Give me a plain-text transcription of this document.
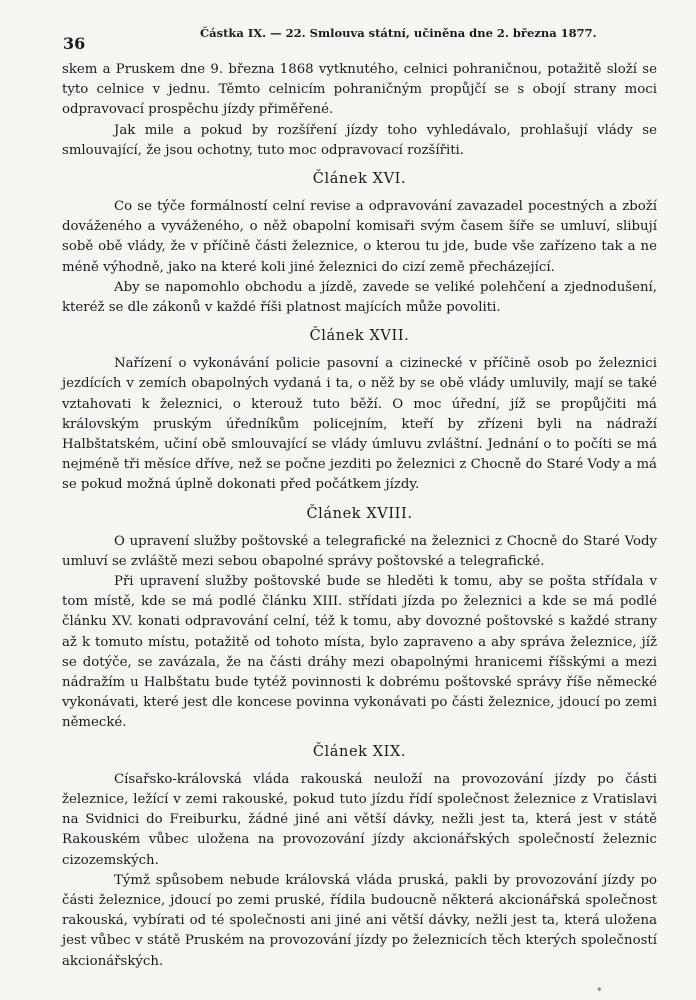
36
Částka IX. — 22. Smlouva státní, učiněna dne 2. března 1877.

skem a Pruskem dne 9. března 1868 vytknutého, celnici pohraničnou, potažitě složí se tyto celnice v jednu. Těmto celnicím pohraničným propůjčí se s obojí strany moci odpravovací prospěchu jízdy přiměřené.

Jak mile a pokud by rozšíření jízdy toho vyhledávalo, prohlašují vlády se smlouvající, že jsou ochotny, tuto moc odpravovací rozšířiti.

Článek XVI.

Co se týče formálností celní revise a odpravování zavazadel pocestných a zboží dováženého a vyváženého, o něž obapolní komisaři svým časem šíře se umluví, slibují sobě obě vlády, že v příčině části železnice, o kterou tu jde, bude vše zařízeno tak a ne méně výhodně, jako na které koli jiné železnici do cizí země přecházející.

Aby se napomohlo obchodu a jízdě, zavede se veliké polehčení a zjednodušení, kteréž se dle zákonů v každé říši platnost majících může povoliti.

Článek XVII.

Nařízení o vykonávání policie pasovní a cizinecké v příčině osob po železnici jezdících v zemích obapolných vydaná i ta, o něž by se obě vlády umluvily, mají se také vztahovati k železnici, o kterouž tuto běží. O moc úřední, jíž se propůjčiti má královským pruským úředníkům policejním, kteří by zřízeni byli na nádraží Halbštatském, učiní obě smlouvající se vlády úmluvu zvláštní. Jednání o to počíti se má nejméně tři měsíce dříve, než se počne jezditi po železnici z Chocně do Staré Vody a má se pokud možná úplně dokonati před počátkem jízdy.

Článek XVIII.

O upravení služby poštovské a telegrafické na železnici z Chocně do Staré Vody umluví se zvláště mezi sebou obapolné správy poštovské a telegrafické.

Při upravení služby poštovské bude se hleděti k tomu, aby se pošta střídala v tom místě, kde se má podlé článku XIII. střídati jízda po železnici a kde se má podlé článku XV. konati odpravování celní, též k tomu, aby dovozné poštovské s každé strany až k tomuto místu, potažitě od tohoto místa, bylo zapraveno a aby správa železnice, jíž se dotýče, se zavázala, že na části dráhy mezi obapolnými hranicemi říšskými a mezi nádražím u Halbštatu bude tytéž povinnosti k dobrému poštovské správy říše německé vykonávati, které jest dle koncese povinna vykonávati po části železnice, jdoucí po zemi německé.

Článek XIX.

Císařsko-královská vláda rakouská neuloží na provozování jízdy po části železnice, ležící v zemi rakouské, pokud tuto jízdu řídí společnost železnice z Vratislavi na Svidnici do Freiburku, žádné jiné ani větší dávky, nežli jest ta, která jest v státě Rakouském vůbec uložena na provozování jízdy akcionářských společností železnic cizozemských.

Týmž spůsobem nebude královská vláda pruská, pakli by provozování jízdy po části železnice, jdoucí po zemi pruské, řídila budoucně některá akcionářská společnost rakouská, vybírati od té společnosti ani jiné ani větší dávky, nežli jest ta, která uložena jest vůbec v státě Pruském na provozování jízdy po železnicích těch kterých společností akcionářských.

*
